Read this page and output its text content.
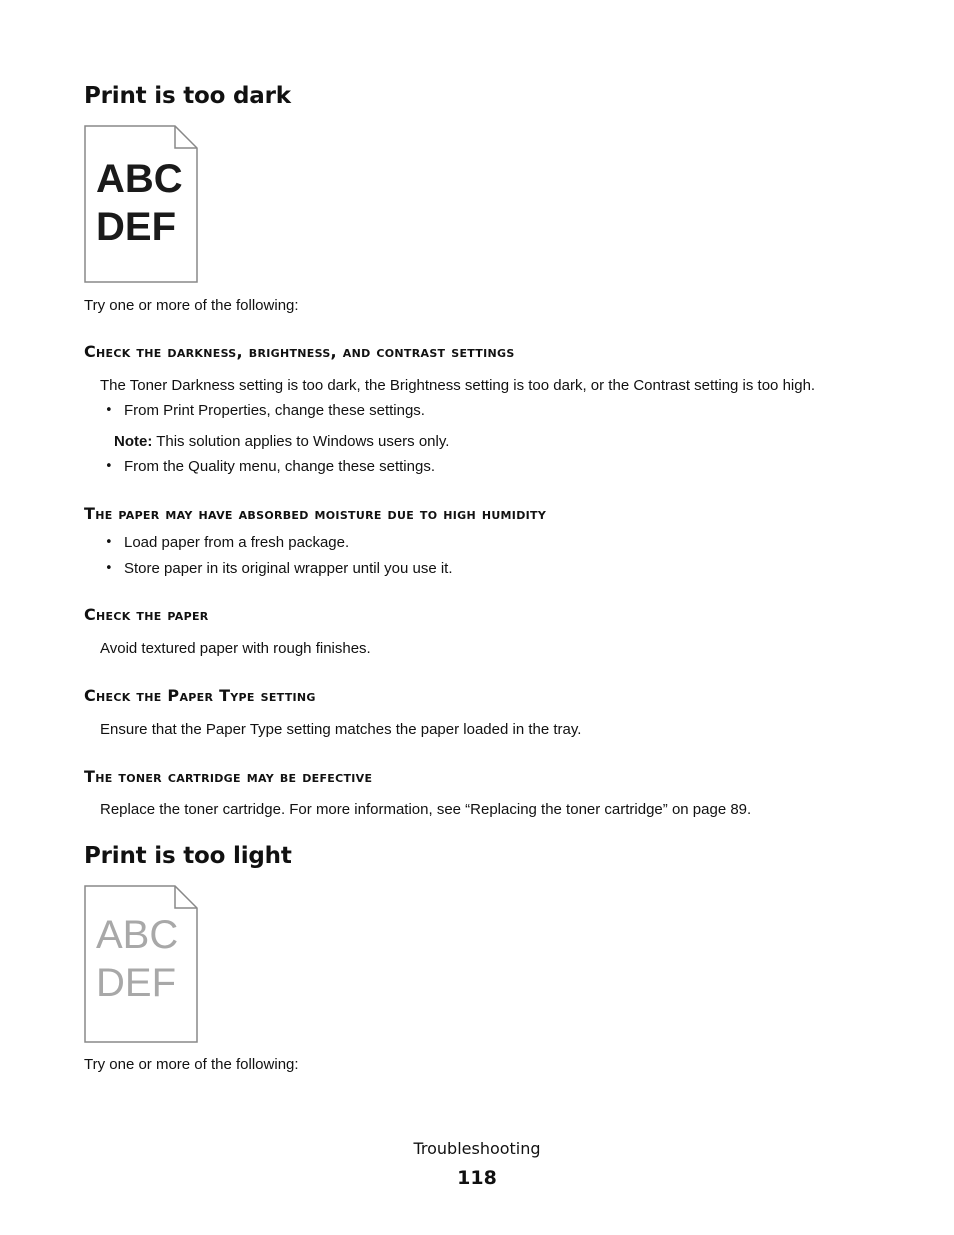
Print is too dark
ABC
DEF

Try one or more of the following:

Check the darkness, brightness, and contrast settings

The Toner Darkness setting is too dark, the Brightness setting is too dark, or the Contrast setting is too high.

• From Print Properties, change these settings.

Note: This solution applies to Windows users only.

• From the Quality menu, change these settings.

The paper may have absorbed moisture due to high humidity
• Load paper from a fresh package.

• Store paper in its original wrapper until you use it.

Check the paper

Avoid textured paper with rough finishes.

Check the Paper Type setting

Ensure that the Paper Type setting matches the paper loaded in the tray.

The toner cartridge may be defective

Replace the toner cartridge. For more information, see “Replacing the toner cartridge” on page 89.

Print is too light
ABC
DEF

Try one or more of the following:

Troubleshooting
118
